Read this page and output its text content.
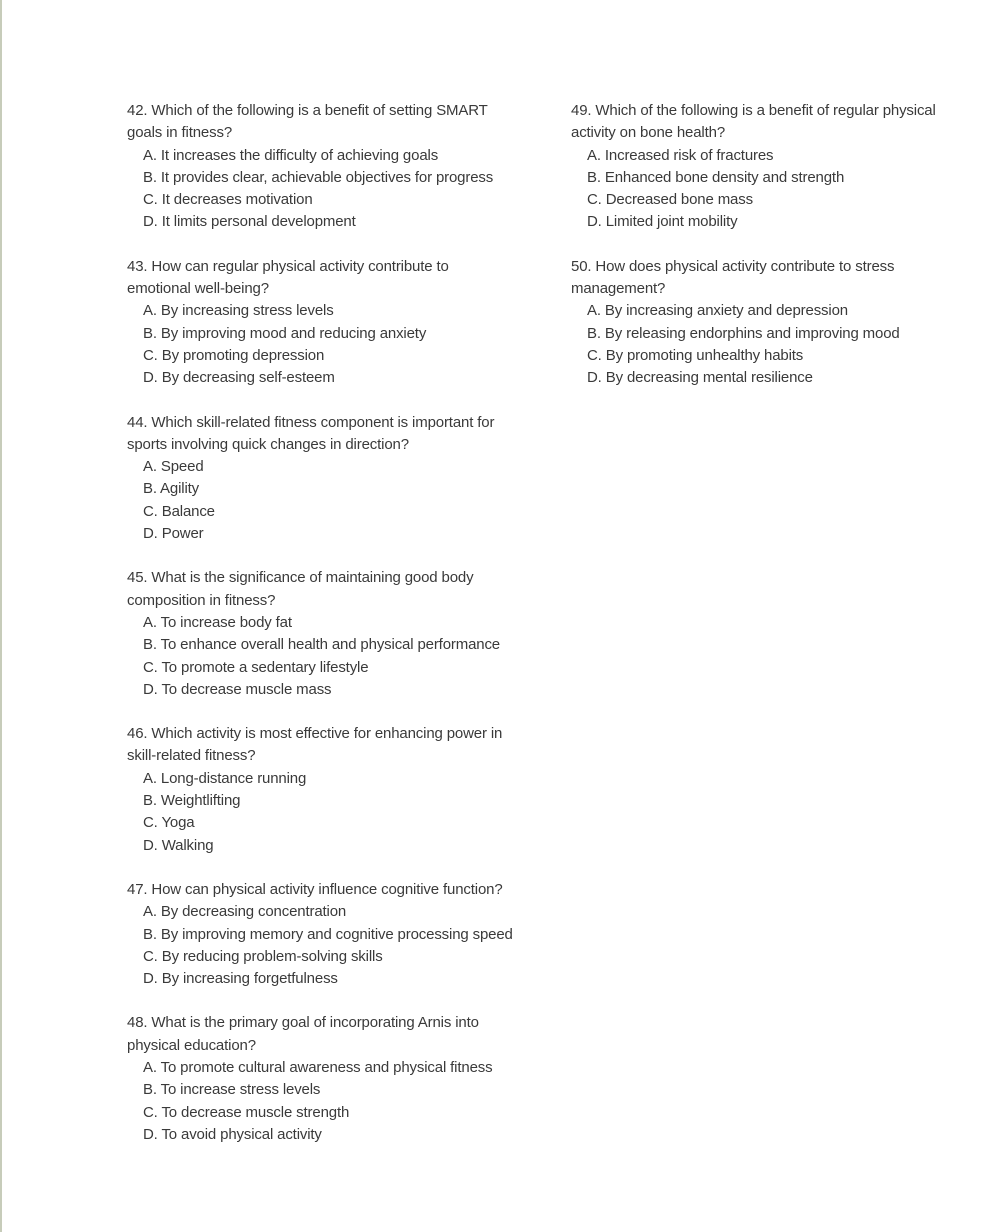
42. Which of the following is a benefit of setting SMART
goals in fitness?
A. It increases the difficulty of achieving goals
B. It provides clear, achievable objectives for progress
C. It decreases motivation
D. It limits personal development
43. How can regular physical activity contribute to
emotional well-being?
A. By increasing stress levels
B. By improving mood and reducing anxiety
C. By promoting depression
D. By decreasing self-esteem
44. Which skill-related fitness component is important for
sports involving quick changes in direction?
A. Speed
B. Agility
C. Balance
D. Power
45. What is the significance of maintaining good body
composition in fitness?
A. To increase body fat
B. To enhance overall health and physical performance
C. To promote a sedentary lifestyle
D. To decrease muscle mass
46. Which activity is most effective for enhancing power in
skill-related fitness?
A. Long-distance running
B. Weightlifting
C. Yoga
D. Walking
47. How can physical activity influence cognitive function?
A. By decreasing concentration
B. By improving memory and cognitive processing speed
C. By reducing problem-solving skills
D. By increasing forgetfulness
48. What is the primary goal of incorporating Arnis into
physical education?
A. To promote cultural awareness and physical fitness
B. To increase stress levels
C. To decrease muscle strength
D. To avoid physical activity
49. Which of the following is a benefit of regular physical
activity on bone health?
A. Increased risk of fractures
B. Enhanced bone density and strength
C. Decreased bone mass
D. Limited joint mobility
50. How does physical activity contribute to stress
management?
A. By increasing anxiety and depression
B. By releasing endorphins and improving mood
C. By promoting unhealthy habits
D. By decreasing mental resilience
